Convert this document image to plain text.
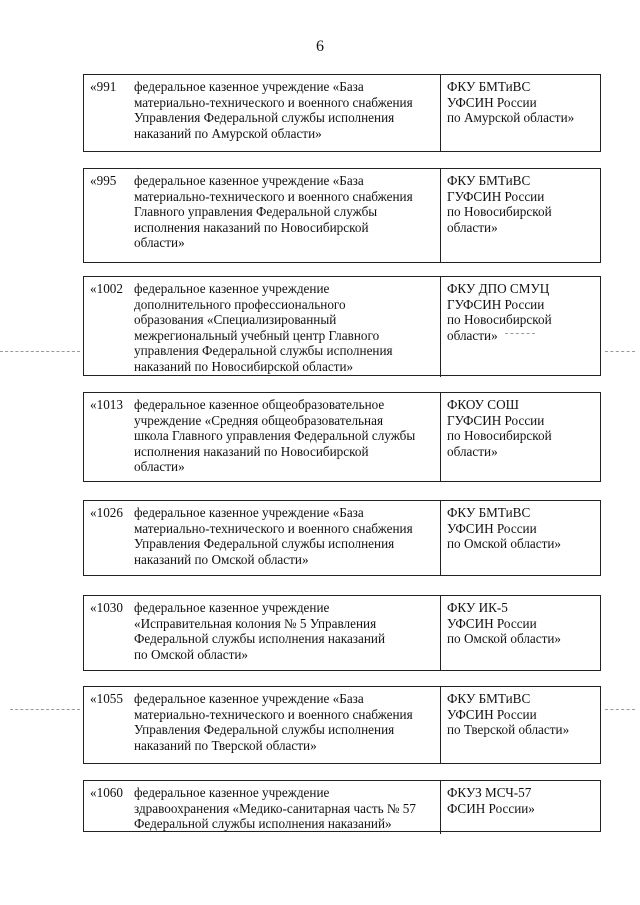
6
«991	федеральное казенное учреждение «База
материально-технического и военного снабжения
Управления Федеральной службы исполнения
наказаний по Амурской области»
ФКУ БМТиВС
УФСИН России
по Амурской области»
«995	федеральное казенное учреждение «База
материально-технического и военного снабжения
Главного управления Федеральной службы
исполнения наказаний по Новосибирской
области»
ФКУ БМТиВС
ГУФСИН России
по Новосибирской
области»
«1002 федеральное казенное учреждение
дополнительного профессионального
образования «Специализированный
межрегиональный учебный центр Главного
управления Федеральной службы исполнения
наказаний по Новосибирской области»
ФКУ ДПО СМУЦ
ГУФСИН России
по Новосибирской
области»
«1013 федеральное казенное общеобразовательное
учреждение «Средняя общеобразовательная
школа Главного управления Федеральной службы
исполнения наказаний по Новосибирской
области»
ФКОУ СОШ
ГУФСИН России
по Новосибирской
области»
«1026 федеральное казенное учреждение «База
материально-технического и военного снабжения
Управления Федеральной службы исполнения
наказаний по Омской области»
ФКУ БМТиВС
УФСИН России
по Омской области»
«1030 федеральное казенное учреждение
«Исправительная колония № 5 Управления
Федеральной службы исполнения наказаний
по Омской области»
ФКУ ИК-5
УФСИН России
по Омской области»
«1055 федеральное казенное учреждение «База
материально-технического и военного снабжения
Управления Федеральной службы исполнения
наказаний по Тверской области»
ФКУ БМТиВС
УФСИН России
по Тверской области»
«1060 федеральное казенное учреждение
здравоохранения «Медико-санитарная часть № 57
Федеральной службы исполнения наказаний»
ФКУЗ МСЧ-57
ФСИН России»
